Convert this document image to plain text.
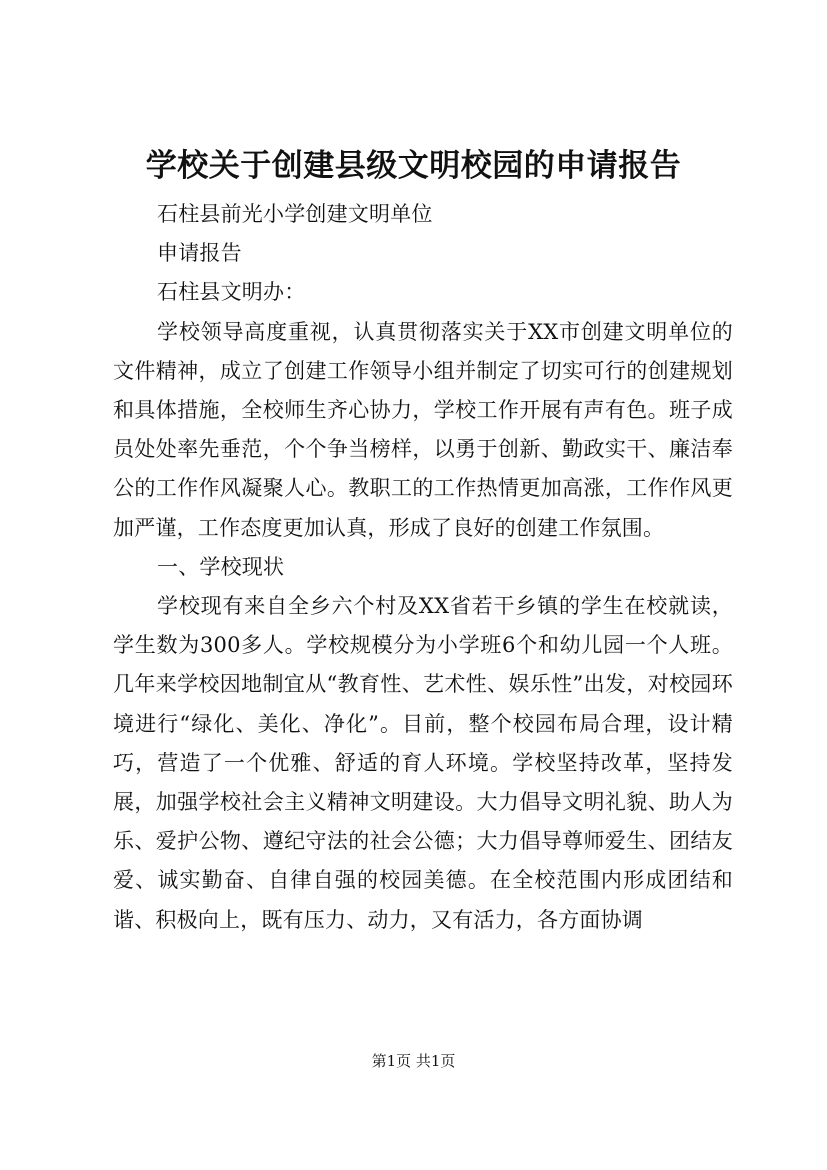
学校关于创建县级文明校园的申请报告

石柱县前光小学创建文明单位

申请报告

石柱县文明办：

学校领导高度重视，认真贯彻落实关于XX市创建文明单位的文件精神，成立了创建工作领导小组并制定了切实可行的创建规划和具体措施，全校师生齐心协力，学校工作开展有声有色。班子成员处处率先垂范，个个争当榜样，以勇于创新、勤政实干、廉洁奉公的工作作风凝聚人心。教职工的工作热情更加高涨，工作作风更加严谨，工作态度更加认真，形成了良好的创建工作氛围。

一、学校现状

学校现有来自全乡六个村及XX省若干乡镇的学生在校就读，学生数为300多人。学校规模分为小学班6个和幼儿园一个人班。几年来学校因地制宜从“教育性、艺术性、娱乐性”出发，对校园环境进行“绿化、美化、净化”。目前，整个校园布局合理，设计精巧，营造了一个优雅、舒适的育人环境。学校坚持改革，坚持发展，加强学校社会主义精神文明建设。大力倡导文明礼貌、助人为乐、爱护公物、遵纪守法的社会公德；大力倡导尊师爱生、团结友爱、诚实勤奋、自律自强的校园美德。在全校范围内形成团结和谐、积极向上，既有压力、动力，又有活力，各方面协调

第1页 共1页
